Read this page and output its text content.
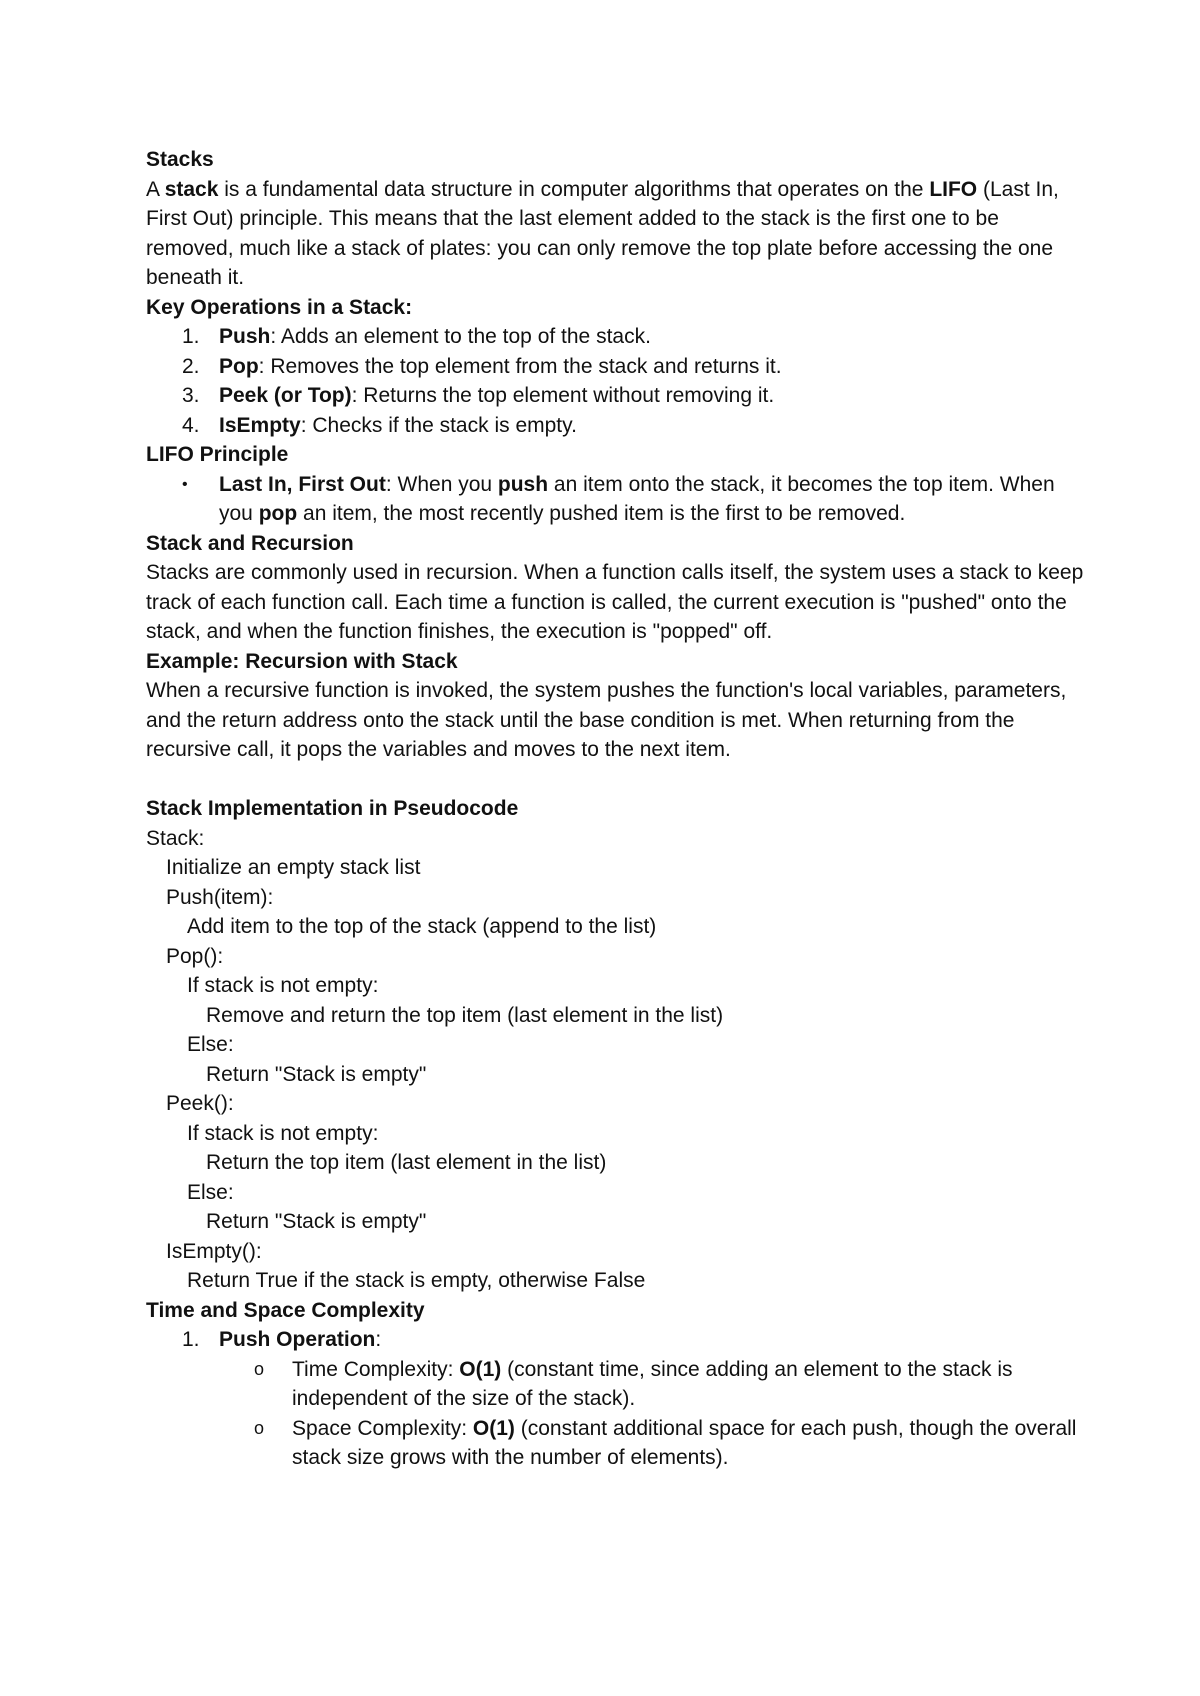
Stacks

A stack is a fundamental data structure in computer algorithms that operates on the LIFO (Last In, First Out) principle. This means that the last element added to the stack is the first one to be removed, much like a stack of plates: you can only remove the top plate before accessing the one beneath it.

Key Operations in a Stack:

1. Push: Adds an element to the top of the stack.
2. Pop: Removes the top element from the stack and returns it.
3. Peek (or Top): Returns the top element without removing it.
4. IsEmpty: Checks if the stack is empty.

LIFO Principle

• Last In, First Out: When you push an item onto the stack, it becomes the top item. When you pop an item, the most recently pushed item is the first to be removed.

Stack and Recursion

Stacks are commonly used in recursion. When a function calls itself, the system uses a stack to keep track of each function call. Each time a function is called, the current execution is "pushed" onto the stack, and when the function finishes, the execution is "popped" off.

Example: Recursion with Stack

When a recursive function is invoked, the system pushes the function's local variables, parameters, and the return address onto the stack until the base condition is met. When returning from the recursive call, it pops the variables and moves to the next item.

Stack Implementation in Pseudocode

Stack:
Initialize an empty stack list
Push(item):
Add item to the top of the stack (append to the list)
Pop():
If stack is not empty:
Remove and return the top item (last element in the list)
Else:
Return "Stack is empty"
Peek():
If stack is not empty:
Return the top item (last element in the list)
Else:
Return "Stack is empty"
IsEmpty():
Return True if the stack is empty, otherwise False

Time and Space Complexity

1. Push Operation:
o Time Complexity: O(1) (constant time, since adding an element to the stack is independent of the size of the stack).
o Space Complexity: O(1) (constant additional space for each push, though the overall stack size grows with the number of elements).
